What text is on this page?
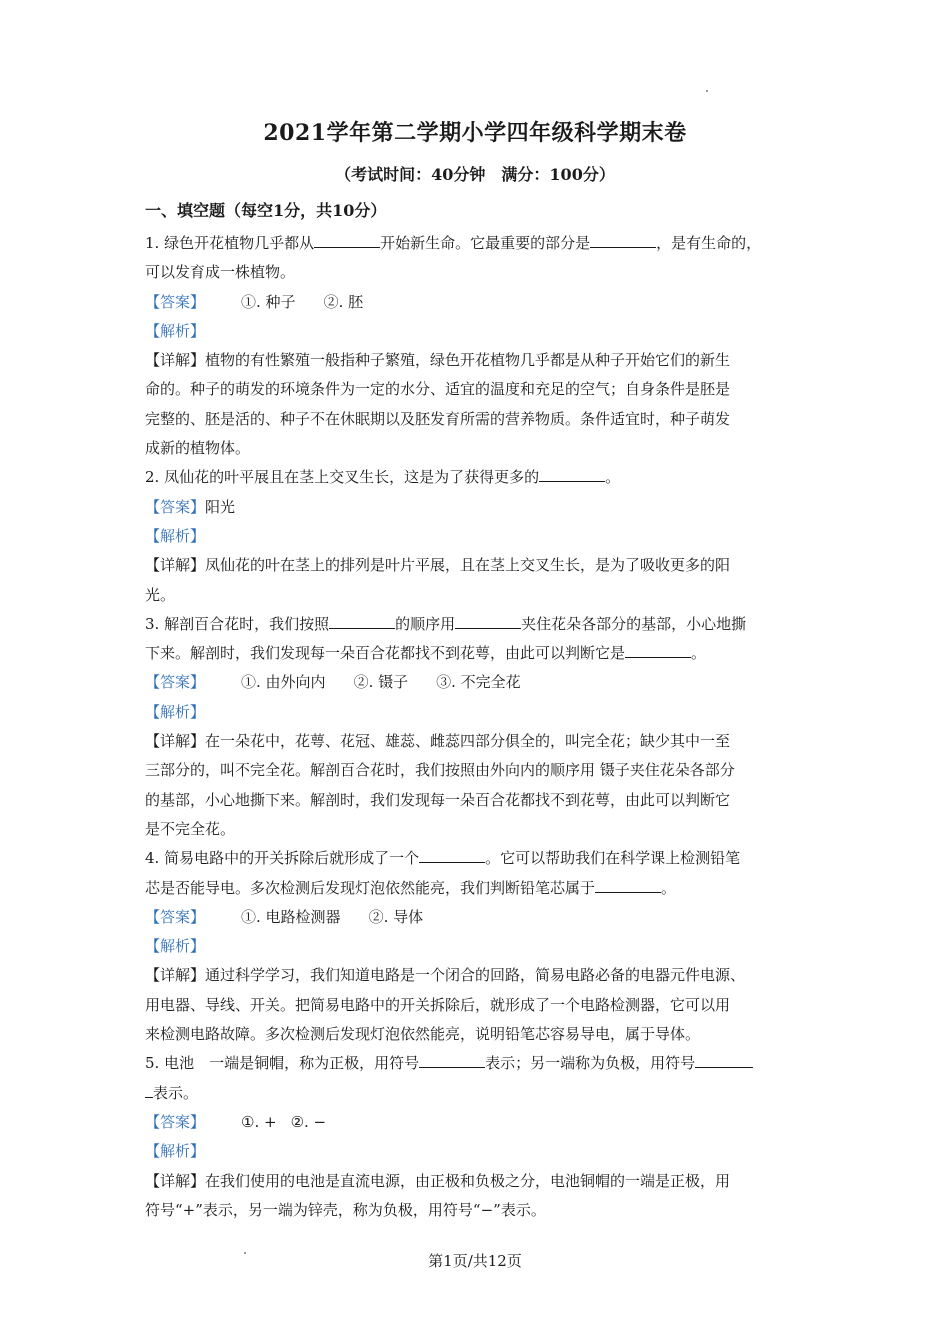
2021学年第二学期小学四年级科学期末卷
（考试时间：40分钟　满分：100分）
一、填空题（每空1分，共10分）
1. 绿色开花植物几乎都从	开始新生命。它最重要的部分是	，是有生命的，
可以发育成一株植物。
【答案】 ①. 种子 ②. 胚
【解析】
【详解】植物的有性繁殖一般指种子繁殖，绿色开花植物几乎都是从种子开始它们的新生
命的。种子的萌发的环境条件为一定的水分、适宜的温度和充足的空气；自身条件是胚是
完整的、胚是活的、种子不在休眠期以及胚发育所需的营养物质。条件适宜时，种子萌发
成新的植物体。
2. 凤仙花的叶平展且在茎上交叉生长，这是为了获得更多的	。
【答案】阳光
【解析】
【详解】凤仙花的叶在茎上的排列是叶片平展，且在茎上交叉生长，是为了吸收更多的阳
光。
3. 解剖百合花时，我们按照	的顺序用	夹住花朵各部分的基部，小心地撕
下来。解剖时，我们发现每一朵百合花都找不到花萼，由此可以判断它是	。
【答案】 ①. 由外向内 ②. 镊子 ③. 不完全花
【解析】
【详解】在一朵花中，花萼、花冠、雄蕊、雌蕊四部分俱全的，叫完全花；缺少其中一至
三部分的，叫不完全花。解剖百合花时，我们按照由外向内的顺序用 镊子夹住花朵各部分
的基部，小心地撕下来。解剖时，我们发现每一朵百合花都找不到花萼，由此可以判断它
是不完全花。
4. 简易电路中的开关拆除后就形成了一个	。它可以帮助我们在科学课上检测铅笔
芯是否能导电。多次检测后发现灯泡依然能亮，我们判断铅笔芯属于	。
【答案】 ①. 电路检测器 ②. 导体
【解析】
【详解】通过科学学习，我们知道电路是一个闭合的回路，简易电路必备的电器元件电源、
用电器、导线、开关。把简易电路中的开关拆除后，就形成了一个电路检测器，它可以用
来检测电路故障。多次检测后发现灯泡依然能亮，说明铅笔芯容易导电，属于导体。
5. 电池　一端是铜帽，称为正极，用符号	表示；另一端称为负极，用符号
表示。
【答案】 ①. + ②. −
【解析】
【详解】在我们使用的电池是直流电源，由正极和负极之分，电池铜帽的一端是正极，用
符号“+”表示，另一端为锌壳，称为负极，用符号“−”表示。
第1页/共12页
